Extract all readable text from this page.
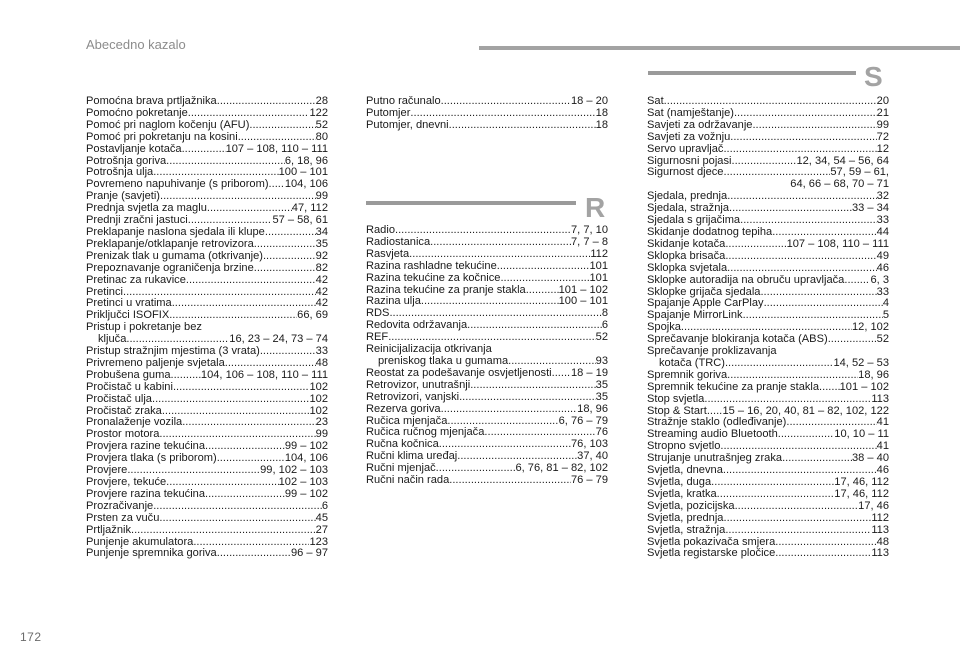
Abecedno kazalo
S
R
Pomoćna brava prtljažnika .....	28
Pomoćno pokretanje .....	122
Pomoć pri naglom kočenju (AFU) .....	52
Pomoć pri pokretanju na kosini .....	80
Postavljanje kotača .....	107 – 108, 110 – 111
Potrošnja goriva .....	6, 18, 96
Potrošnja ulja .....	100 – 101
Povremeno napuhivanje (s priborom) ..... 104, 106
Pranje (savjeti) .....	99
Prednja svjetla za maglu .....	47, 112
Prednji zračni jastuci .....	57 – 58, 61
Preklapanje naslona sjedala ili klupe .....	34
Preklapanje/otklapanje retrovizora .....	35
Prenizak tlak u gumama (otkrivanje) .....	92
Prepoznavanje ograničenja brzine .....	82
Pretinac za rukavice .....	42
Pretinci .....	42
Pretinci u vratima .....	42
Priključci ISOFIX .....	66, 69
Pristup i pokretanje bez
ključa .....	16, 23 – 24, 73 – 74
Pristup stražnjim mjestima (3 vrata) .....	33
Privremeno paljenje svjetala .....	48
Probušena guma .....	104, 106 – 108, 110 – 111
Pročistač u kabini .....	102
Pročistač ulja .....	102
Pročistač zraka .....	102
Pronalaženje vozila .....	23
Prostor motora .....	99
Provjera razine tekućina .....	99 – 102
Provjera tlaka (s priborom) .....	104, 106
Provjere .....	99, 102 – 103
Provjere, tekuće .....	102 – 103
Provjere razina tekućina .....	99 – 102
Prozračivanje .....	6
Prsten za vuču .....	45
Prtljažnik .....	27
Punjenje akumulatora .....	123
Punjenje spremnika goriva .....	96 – 97
Putno računalo .....	18 – 20
Putomjer .....	18
Putomjer, dnevni .....	18
Radio .....	7, 7, 10
Radiostanica .....	7, 7 – 8
Rasvjeta .....	112
Razina rashladne tekućine .....	101
Razina tekućine za kočnice .....	101
Razina tekućine za pranje stakla .....	101 – 102
Razina ulja .....	100 – 101
RDS .....	8
Redovita održavanja .....	6
REF .....	52
Reinicijalizacija otkrivanja
preniskog tlaka u gumama .....	93
Reostat za podešavanje osvjetljenosti ..... 18 – 19
Retrovizor, unutrašnji .....	35
Retrovizori, vanjski .....	35
Rezerva goriva .....	18, 96
Ručica mjenjača .....	6, 76 – 79
Ručica ručnog mjenjača .....	76
Ručna kočnica .....	76, 103
Ručni klima uređaj .....	37, 40
Ručni mjenjač .....	6, 76, 81 – 82, 102
Ručni način rada .....	76 – 79
Sat .....	20
Sat (namještanje) .....	21
Savjeti za održavanje .....	99
Savjeti za vožnju .....	72
Servo upravljač .....	12
Sigurnosni pojasi .....	12, 34, 54 – 56, 64
Sigurnost djece .....	57, 59 – 61,
64, 66 – 68, 70 – 71
Sjedala, prednja .....	32
Sjedala, stražnja .....	33 – 34
Sjedala s grijačima .....	33
Skidanje dodatnog tepiha .....	44
Skidanje kotača .....	107 – 108, 110 – 111
Sklopka brisača .....	49
Sklopka svjetala .....	46
Sklopke autoradija na obruču upravljača ..... 6, 3
Sklopke grijača sjedala .....	33
Spajanje Apple CarPlay .....	4
Spajanje MirrorLink .....	5
Spojka .....	12, 102
Sprečavanje blokiranja kotača (ABS) .....	52
Sprečavanje proklizavanja
kotača (TRC) .....	14, 52 – 53
Spremnik goriva .....	18, 96
Spremnik tekućine za pranje stakla ..... 101 – 102
Stop svjetla .....	113
Stop & Start ..... 15 – 16, 20, 40, 81 – 82, 102, 122
Stražnje staklo (odleđivanje) .....	41
Streaming audio Bluetooth .....	10, 10 – 11
Stropno svjetlo .....	41
Strujanje unutrašnjeg zraka .....	38 – 40
Svjetla, dnevna .....	46
Svjetla, duga .....	17, 46, 112
Svjetla, kratka .....	17, 46, 112
Svjetla, pozicijska .....	17, 46
Svjetla, prednja .....	112
Svjetla, stražnja .....	113
Svjetla pokazivača smjera .....	48
Svjetla registarske pločice .....	113
172
